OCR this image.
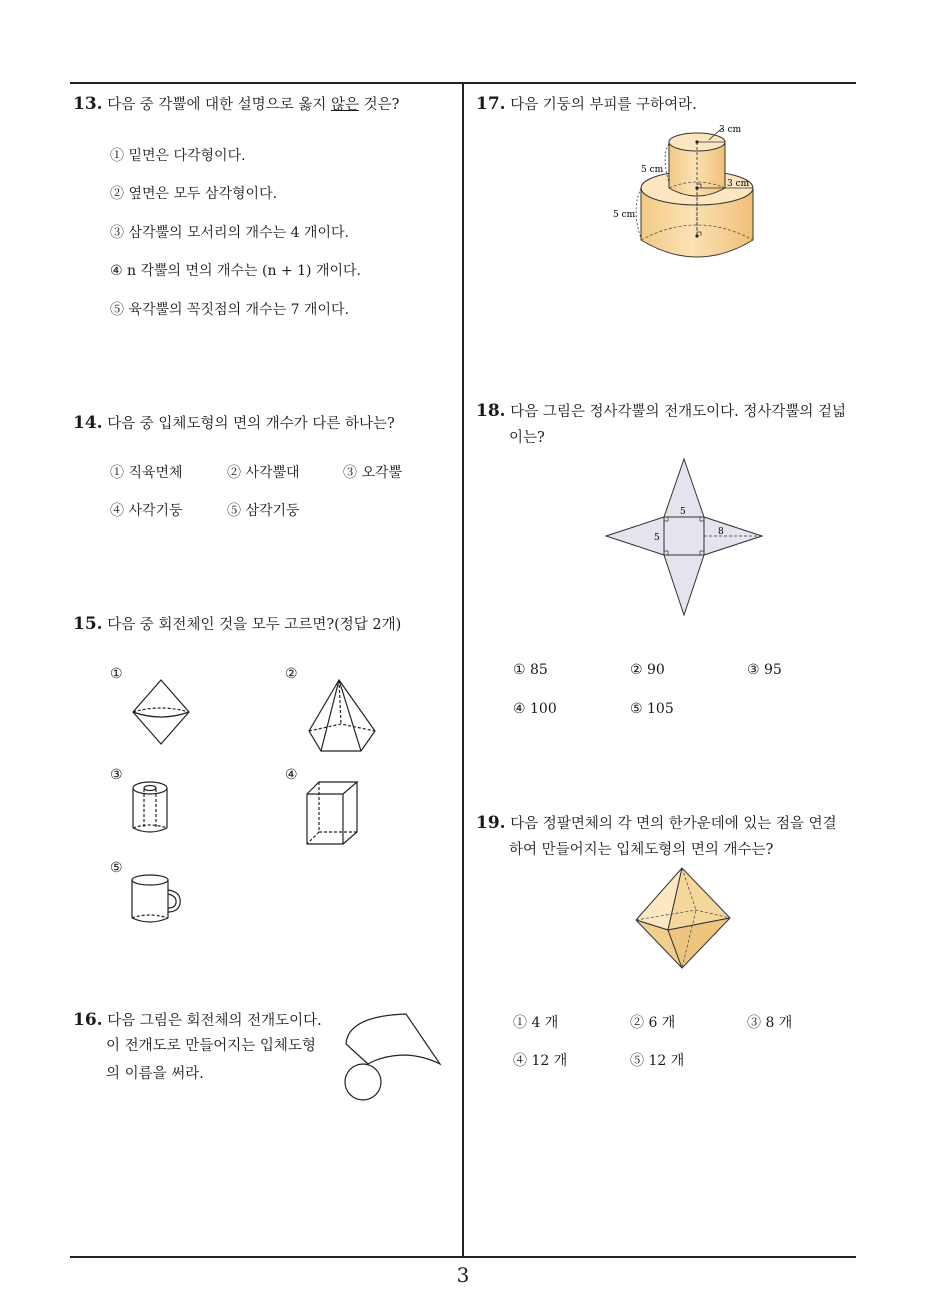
13. 다음 중 각뿔에 대한 설명으로 옳지 않은 것은?
① 밑면은 다각형이다.
② 옆면은 모두 삼각형이다.
③ 삼각뿔의 모서리의 개수는 4 개이다.
④ n 각뿔의 면의 개수는 (n + 1) 개이다.
⑤ 육각뿔의 꼭짓점의 개수는 7 개이다.
14. 다음 중 입체도형의 면의 개수가 다른 하나는?
① 직육면체	② 사각뿔대	③ 오각뿔
④ 사각기둥	⑤ 삼각기둥
15. 다음 중 회전체인 것을 모두 고르면?(정답 2개)
①	②
③	④
⑤
16. 다음 그림은 회전체의 전개도이다.
이 전개도로 만들어지는 입체도형
의 이름을 써라.
17. 다음 기둥의 부피를 구하여라.
3 cm
5 cm
3 cm
5 cm
18. 다음 그림은 정사각뿔의 전개도이다. 정사각뿔의 겉넓
이는?
5
5
8
① 85	② 90	③ 95
④ 100	⑤ 105
19. 다음 정팔면체의 각 면의 한가운데에 있는 점을 연결
하여 만들어지는 입체도형의 면의 개수는?
① 4 개	② 6 개	③ 8 개
④ 12 개	⑤ 12 개
3
